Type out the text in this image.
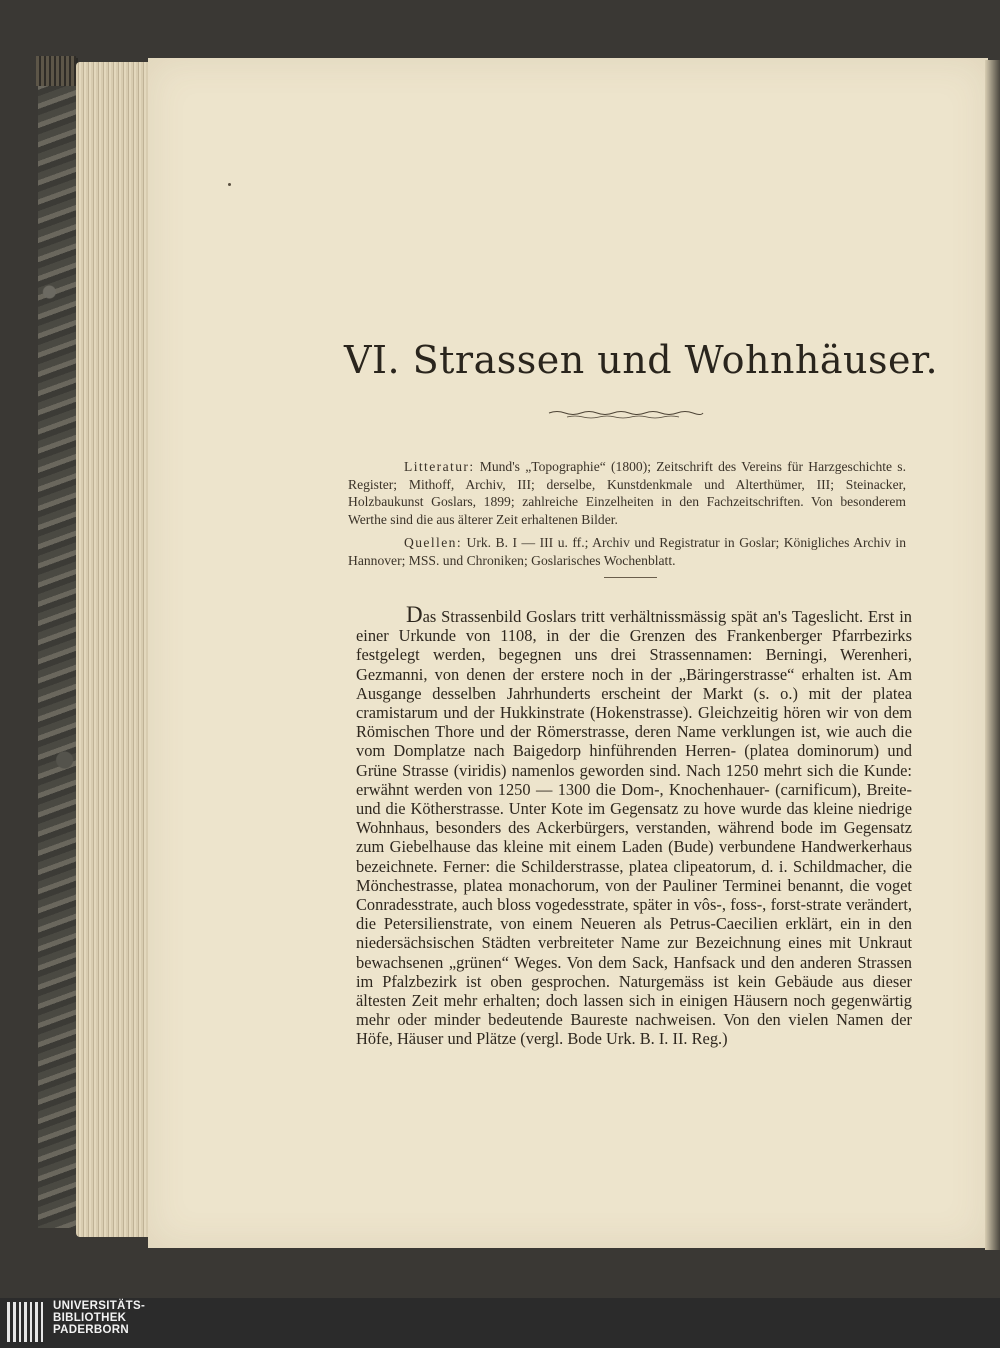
VI. Strassen und Wohnhäuser.

Litteratur: Mund's „Topographie“ (1800); Zeitschrift des Vereins für Harzgeschichte s. Register; Mithoff, Archiv, III; derselbe, Kunstdenkmale und Alterthümer, III; Steinacker, Holzbaukunst Goslars, 1899; zahlreiche Einzelheiten in den Fachzeitschriften. Von besonderem Werthe sind die aus älterer Zeit erhaltenen Bilder.

Quellen: Urk. B. I — III u. ff.; Archiv und Registratur in Goslar; Königliches Archiv in Hannover; MSS. und Chroniken; Goslarisches Wochenblatt.

Das Strassenbild Goslars tritt verhältnissmässig spät an's Tageslicht. Erst in einer Urkunde von 1108, in der die Grenzen des Frankenberger Pfarrbezirks festgelegt werden, begegnen uns drei Strassennamen: Berningi, Werenheri, Gezmanni, von denen der erstere noch in der „Bäringerstrasse“ erhalten ist. Am Ausgange desselben Jahrhunderts erscheint der Markt (s. o.) mit der platea cramistarum und der Hukkinstrate (Hokenstrasse). Gleichzeitig hören wir von dem Römischen Thore und der Römerstrasse, deren Name verklungen ist, wie auch die vom Domplatze nach Baigedorp hinführenden Herren- (platea dominorum) und Grüne Strasse (viridis) namenlos geworden sind. Nach 1250 mehrt sich die Kunde: erwähnt werden von 1250 — 1300 die Dom-, Knochenhauer- (carnificum), Breite- und die Kötherstrasse. Unter Kote im Gegensatz zu hove wurde das kleine niedrige Wohnhaus, besonders des Ackerbürgers, verstanden, während bode im Gegensatz zum Giebelhause das kleine mit einem Laden (Bude) verbundene Handwerkerhaus bezeichnete. Ferner: die Schilderstrasse, platea clipeatorum, d. i. Schildmacher, die Mönchestrasse, platea monachorum, von der Pauliner Terminei benannt, die voget Conradesstrate, auch bloss vogedesstrate, später in vôs-, foss-, forst-strate verändert, die Petersilienstrate, von einem Neueren als Petrus-Caecilien erklärt, ein in den niedersächsischen Städten verbreiteter Name zur Bezeichnung eines mit Unkraut bewachsenen „grünen“ Weges. Von dem Sack, Hanfsack und den anderen Strassen im Pfalzbezirk ist oben gesprochen. Naturgemäss ist kein Gebäude aus dieser ältesten Zeit mehr erhalten; doch lassen sich in einigen Häusern noch gegenwärtig mehr oder minder bedeutende Baureste nachweisen. Von den vielen Namen der Höfe, Häuser und Plätze (vergl. Bode Urk. B. I. II. Reg.)

UNIVERSITÄTS-
BIBLIOTHEK
PADERBORN
